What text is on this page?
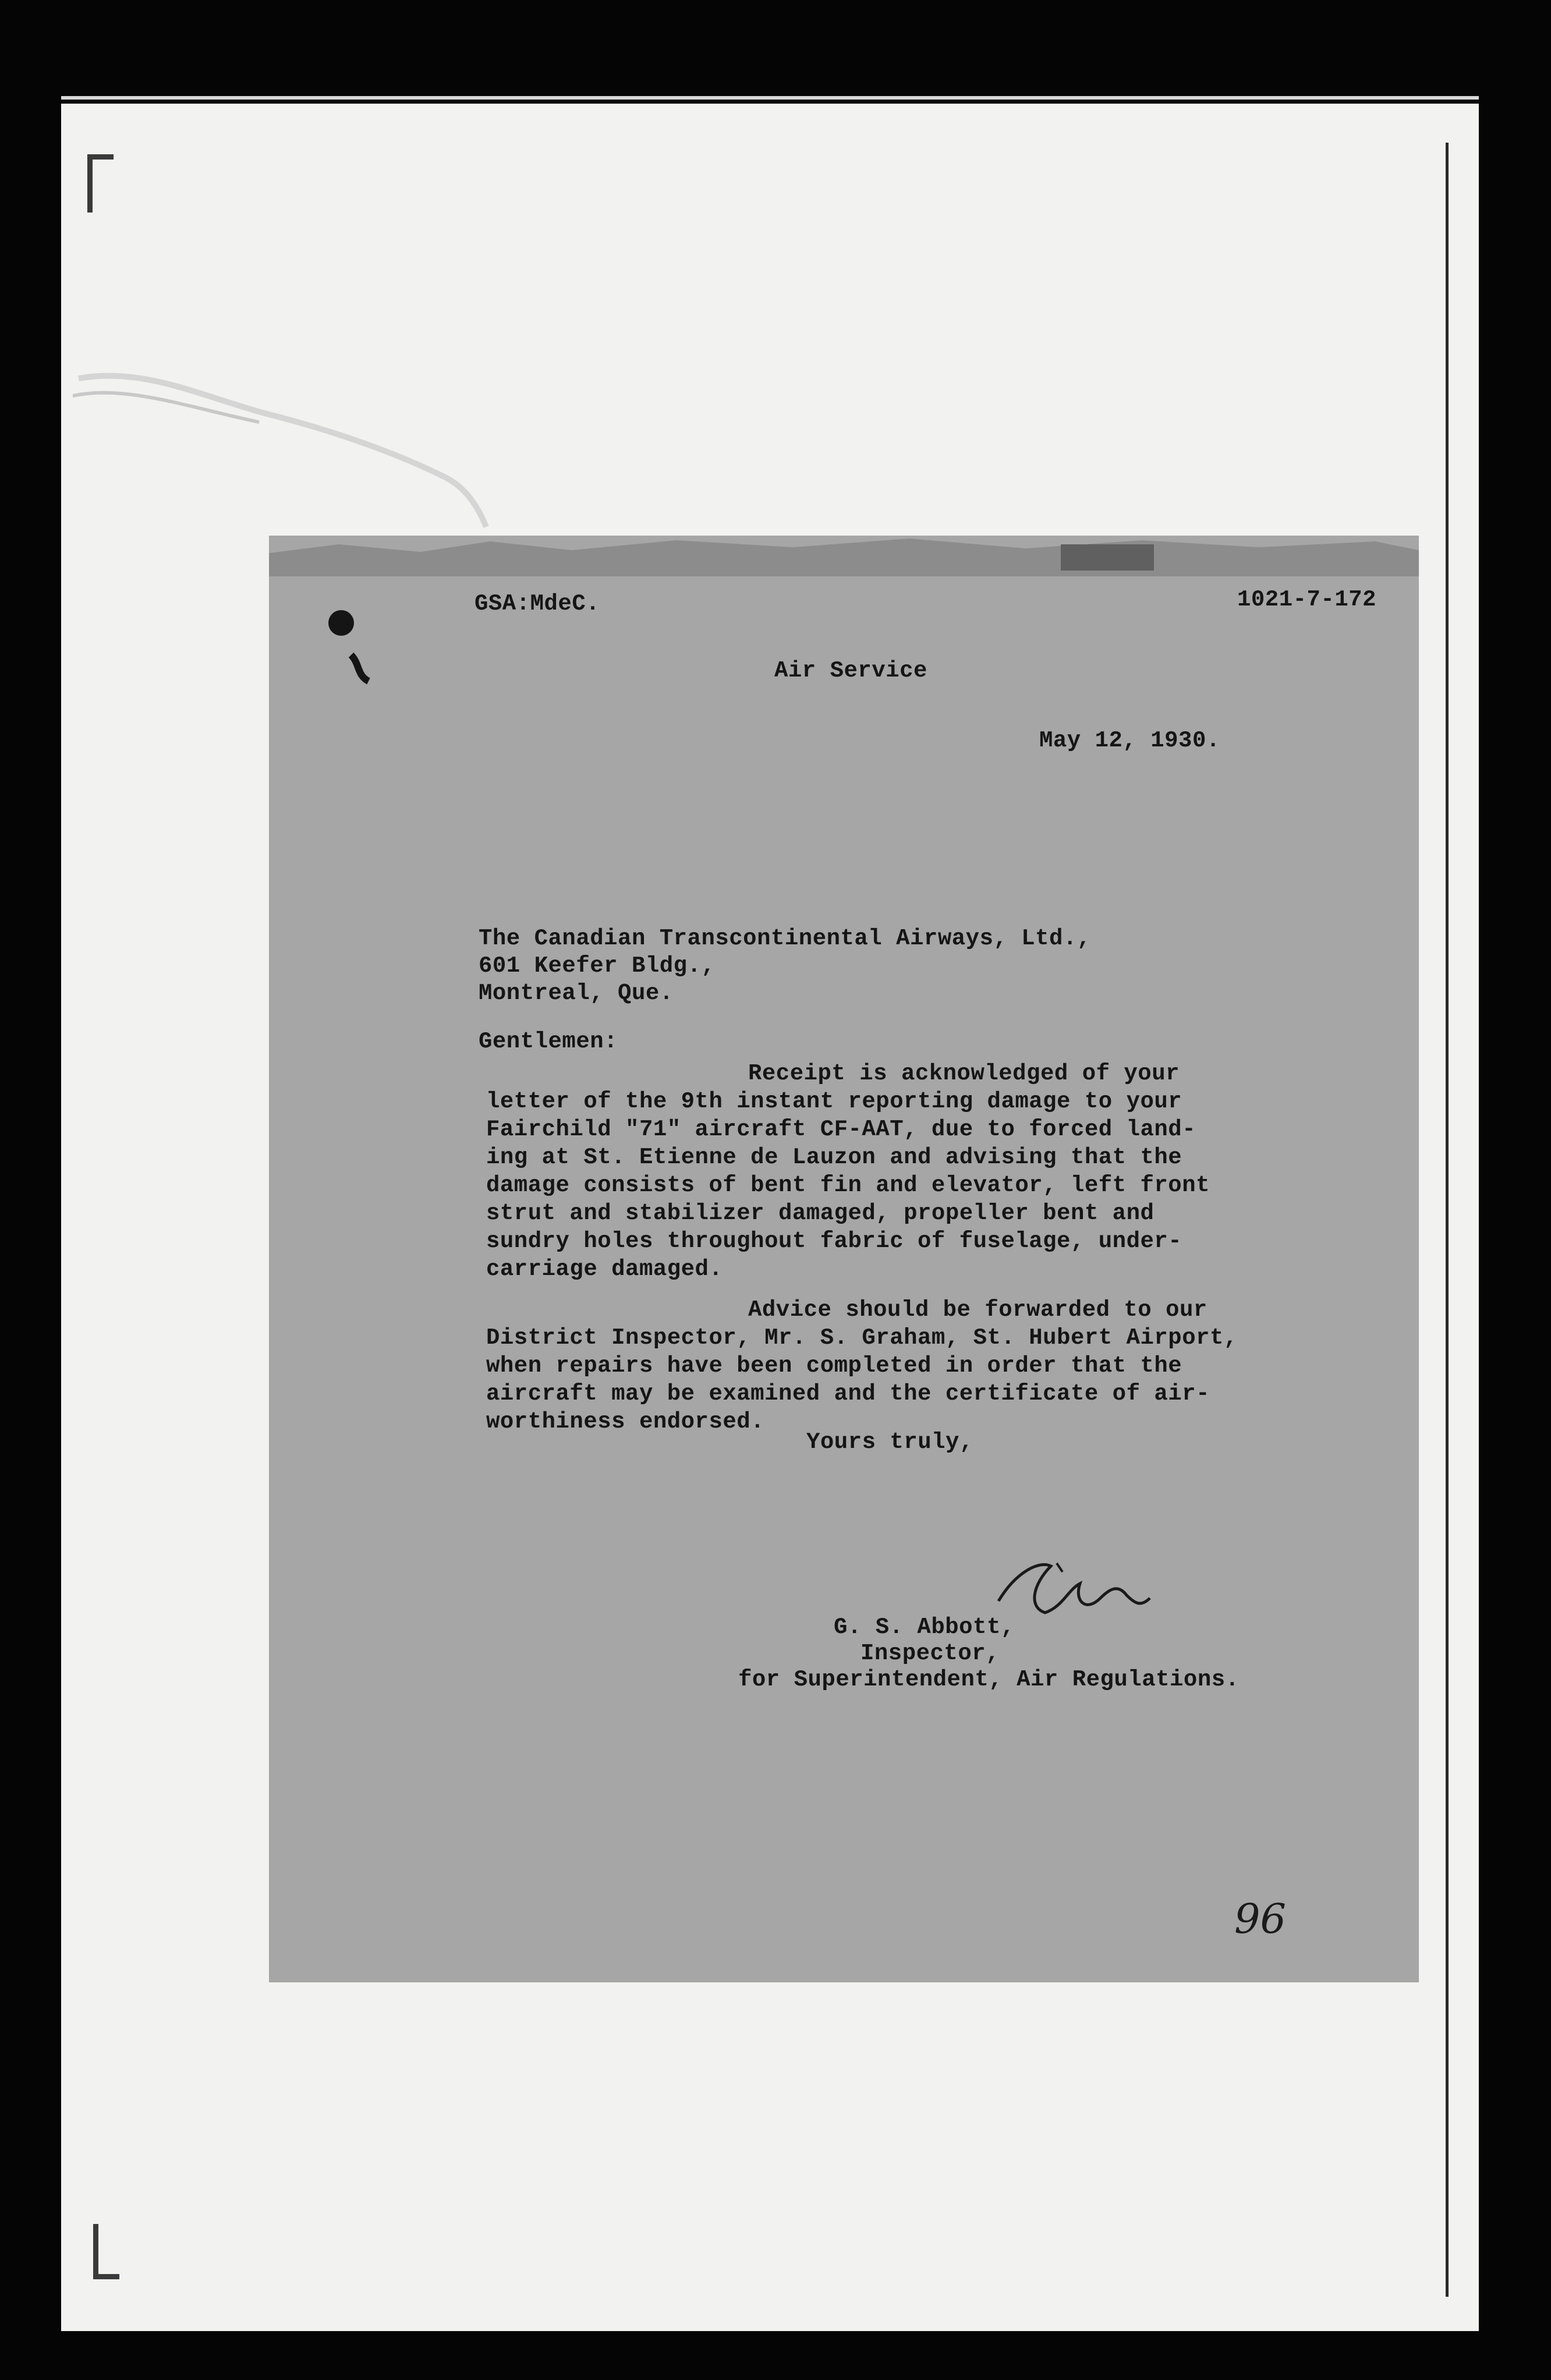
GSA:MdeC.	1021-7-172
Air Service
May 12, 1930.
The Canadian Transcontinental Airways, Ltd.,
601 Keefer Bldg.,
Montreal, Que.
Gentlemen:
Receipt is acknowledged of your
letter of the 9th instant reporting damage to your
Fairchild "71" aircraft CF-AAT, due to forced land-
ing at St. Etienne de Lauzon and advising that the
damage consists of bent fin and elevator, left front
strut and stabilizer damaged, propeller bent and
sundry holes throughout fabric of fuselage, under-
carriage damaged.
Advice should be forwarded to our
District Inspector, Mr. S. Graham, St. Hubert Airport,
when repairs have been completed in order that the
aircraft may be examined and the certificate of air-
worthiness endorsed.
Yours truly,
G. S. Abbott,
Inspector,
for Superintendent, Air Regulations.
96
